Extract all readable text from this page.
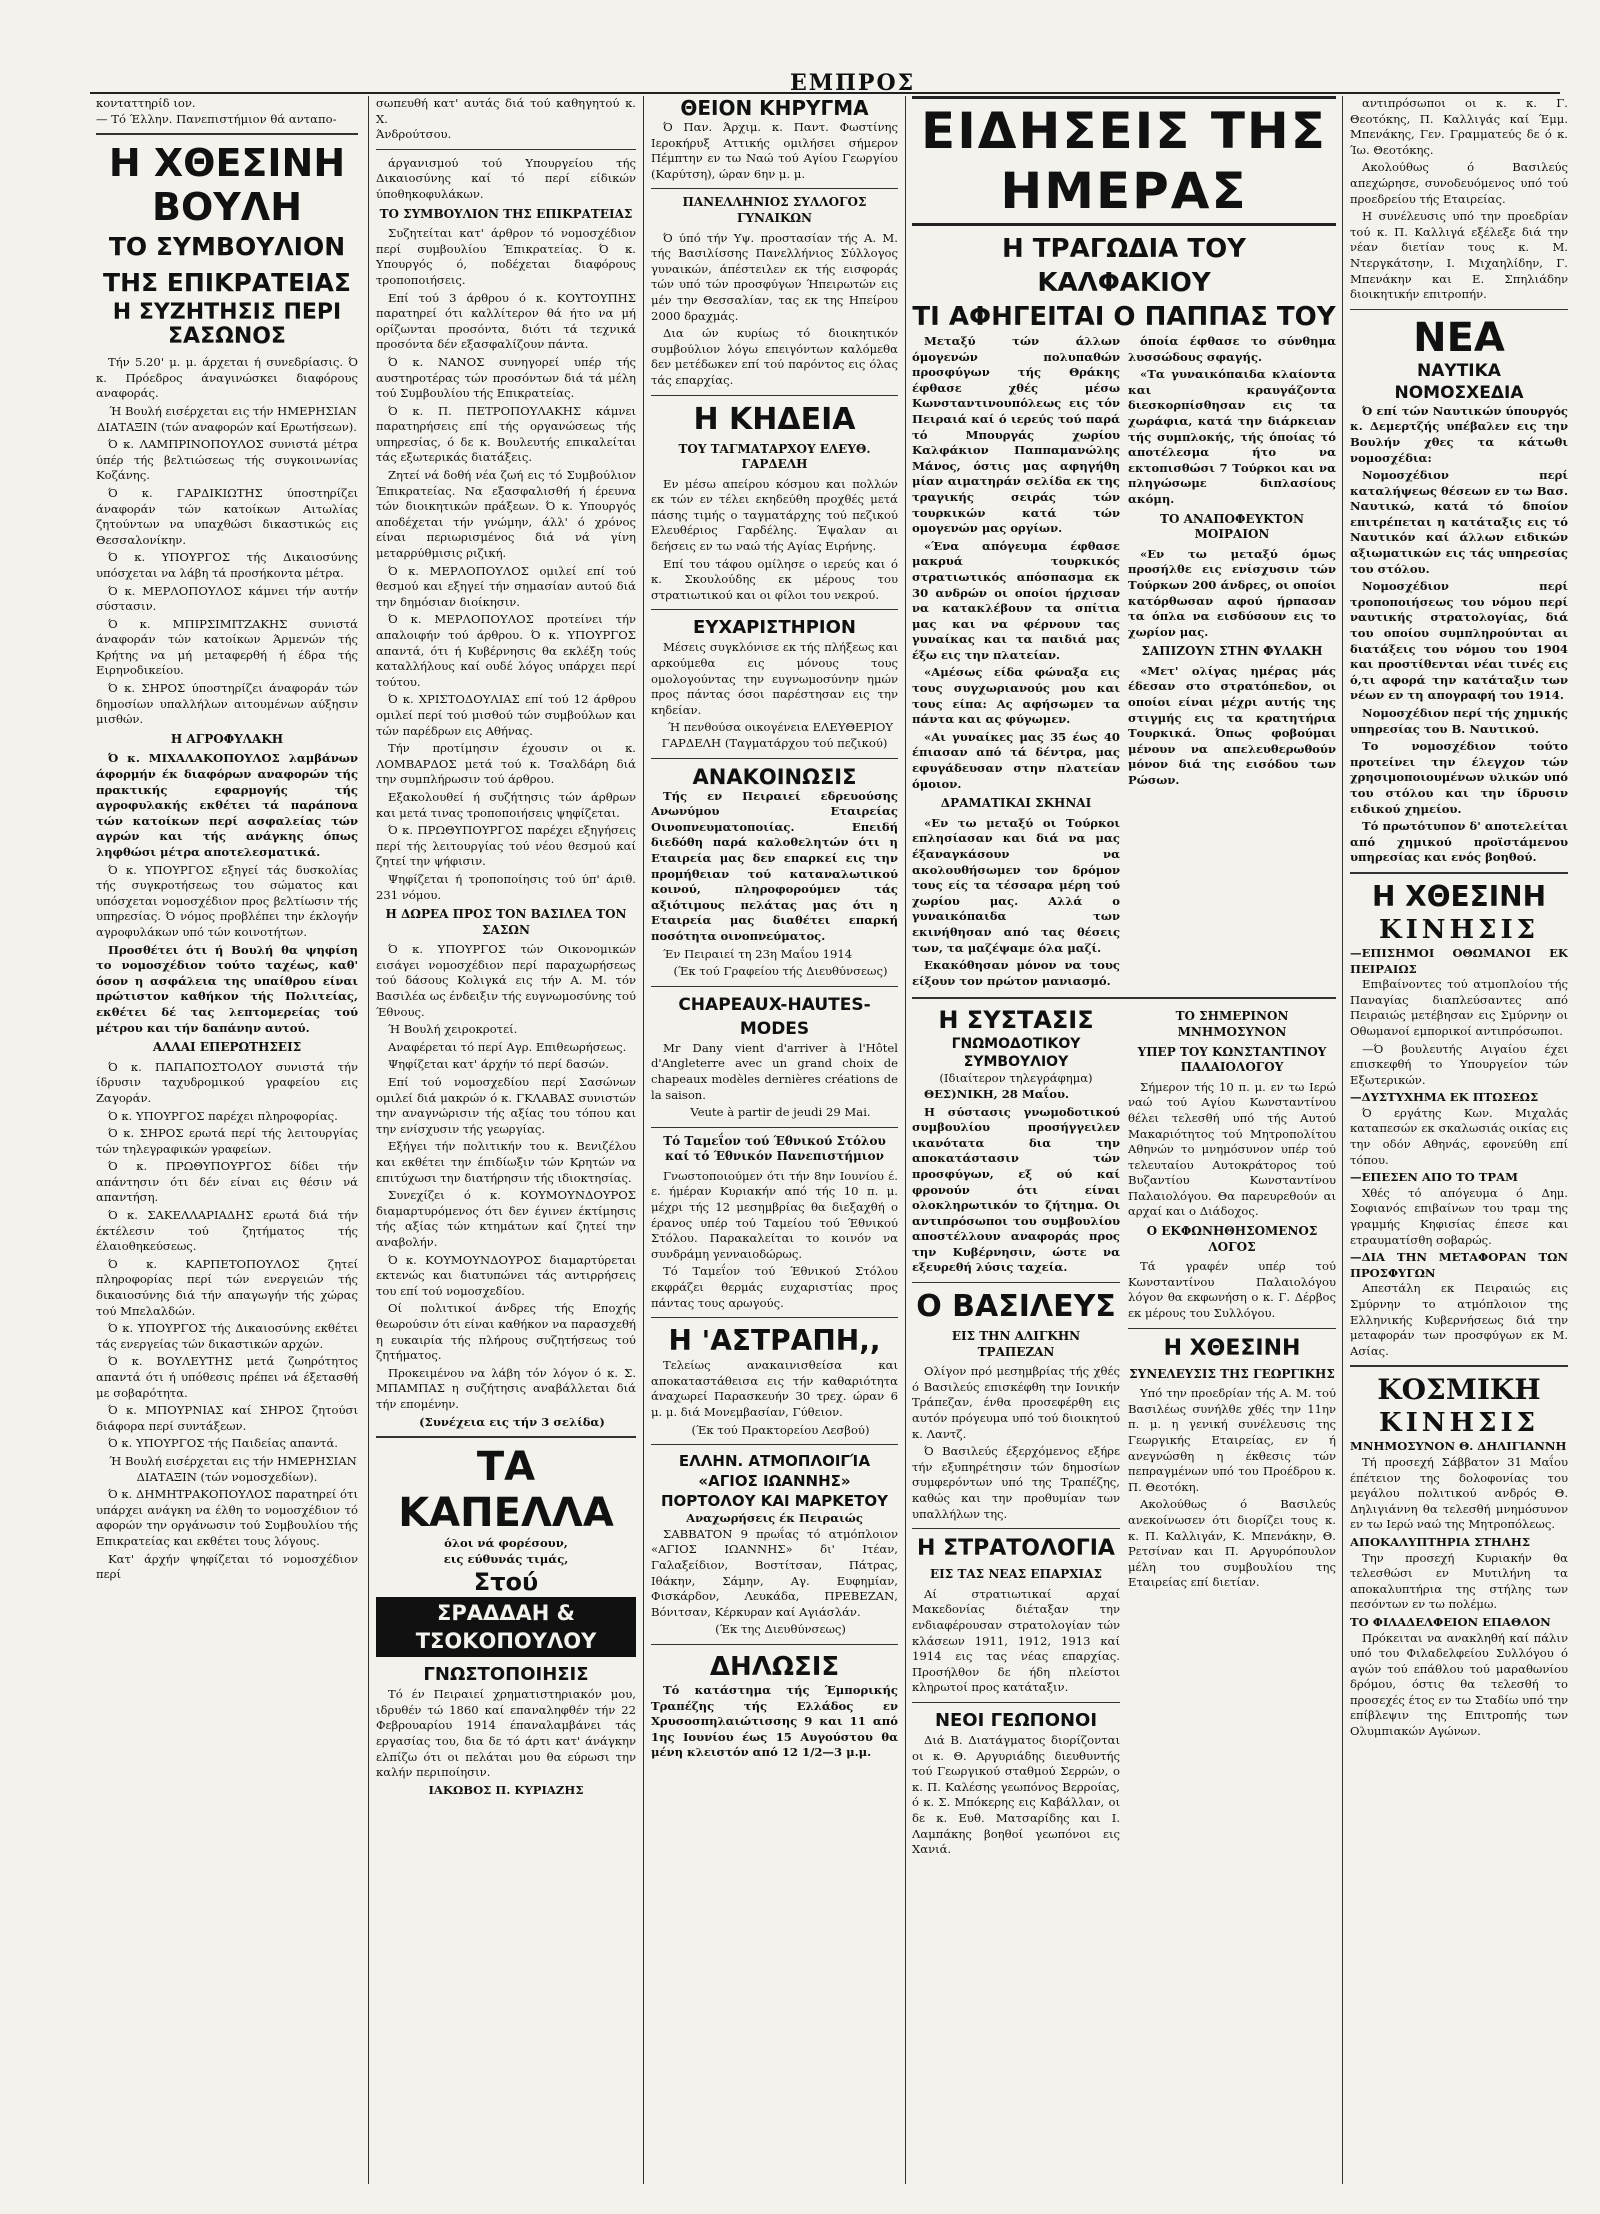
ΕΜΠΡΟΣ
κονταττηρίδ ιον.
— Τό Έλλην. Πανεπιστήμιον θά ανταπο-
Η ΧΘΕΣΙΝΗ ΒΟΥΛΗ
ΤΟ ΣΥΜΒΟΥΛΙΟΝ ΤΗΣ ΕΠΙΚΡΑΤΕΙΑΣ
Η ΣΥΖΗΤΗΣΙΣ ΠΕΡΙ ΣΑΣΩΝΟΣ

Τήν 5.20' μ. μ. άρχεται ή συνεδρίασις. Ό κ. Πρόεδρος άναγινώσκει διαφόρους αναφοράς.

Ή Βουλή εισέρχεται εις τήν ΗΜΕΡΗΣΙΑΝ ΔΙΑΤΑΞΙΝ (τών αναφορών καί Ερωτήσεων).

Ό κ. ΛΑΜΠΡΙΝΟΠΟΥΛΟΣ συνιστά μέτρα ύπέρ τής βελτιώσεως τής συγκοινωνίας Κοζάνης.

Ό κ. ΓΑΡΔΙΚΙΩΤΗΣ ύποστηρίζει άναφοράν τών κατοίκων Αιτωλίας ζητούντων να υπαχθώσι δικαστικώς εις Θεσσαλονίκην.

Ό κ. ΥΠΟΥΡΓΟΣ τής Δικαιοσύνης υπόσχεται να λάβη τά προσήκοντα μέτρα.

Ό κ. ΜΕΡΛΟΠΟΥΛΟΣ κάμνει τήν αυτήν σύστασιν.

Ό κ. ΜΠΙΡΣΙΜΙΤΖΑΚΗΣ συνιστά άναφοράν τών κατοίκων Άρμενών τής Κρήτης να μή μεταφερθή ή έδρα τής Ειρηνοδικείου.

Ό κ. ΣΗΡΟΣ ύποστηρίζει άναφοράν τών δημοσίων υπαλλήλων αιτουμένων αύξησιν μισθών.

Η ΑΓΡΟΦΥΛΑΚΗ

Ό κ. ΜΙΧΑΛΑΚΟΠΟΥΛΟΣ λαμβάνων άφορμήν έκ διαφόρων αναφορών τής πρακτικής εφαρμογής τής αγροφυλακής εκθέτει τά παράπονα τών κατοίκων περί ασφαλείας τών αγρών και τής ανάγκης όπως ληφθώσι μέτρα αποτελεσματικά.

Ό κ. ΥΠΟΥΡΓΟΣ εξηγεί τάς δυσκολίας τής συγκροτήσεως του σώματος και υπόσχεται νομοσχέδιον προς βελτίωσιν τής υπηρεσίας. Ό νόμος προβλέπει την έκλογήν αγροφυλάκων υπό τών κοινοτήτων.

Προσθέτει ότι ή Βουλή θα ψηφίση το νομοσχέδιον τούτο ταχέως, καθ' όσον η ασφάλεια της υπαίθρου είναι πρώτιστον καθήκον τής Πολιτείας, εκθέτει δέ τας λεπτομερείας τού μέτρου και τήν δαπάνην αυτού.

ΑΛΛΑΙ ΕΠΕΡΩΤΗΣΕΙΣ

Ό κ. ΠΑΠΑΠΟΣΤΟΛΟΥ συνιστά τήν ίδρυσιν ταχυδρομικού γραφείου εις Ζαγοράν.

Ό κ. ΥΠΟΥΡΓΟΣ παρέχει πληροφορίας.

Ό κ. ΣΗΡΟΣ ερωτά περί τής λειτουργίας τών τηλεγραφικών γραφείων.

Ό κ. ΠΡΩΘΥΠΟΥΡΓΟΣ δίδει τήν απάντησιν ότι δέν είναι εις θέσιν νά απαντήση.

Ό κ. ΣΑΚΕΛΛΑΡΙΑΔΗΣ ερωτά διά τήν έκτέλεσιν τού ζητήματος τής έλαιοθηκεύσεως.

Ό κ. ΚΑΡΠΕΤΟΠΟΥΛΟΣ ζητεί πληροφορίας περί τών ενεργειών τής δικαιοσύνης διά τήν απαγωγήν τής χώρας τού Μπελαλδών.

Ό κ. ΥΠΟΥΡΓΟΣ τής Δικαιοσύνης εκθέτει τάς ενεργείας τών δικαστικών αρχών.

Ό κ. ΒΟΥΛΕΥΤΗΣ μετά ζωηρότητος απαντά ότι ή υπόθεσις πρέπει νά έξετασθή με σοβαρότητα.

Ό κ. ΜΠΟΥΡΝΙΑΣ καί ΣΗΡΟΣ ζητούσι διάφορα περί συντάξεων.

Ό κ. ΥΠΟΥΡΓΟΣ τής Παιδείας απαντά.

Ή Βουλή εισέρχεται εις τήν ΗΜΕΡΗΣΙΑΝ ΔΙΑΤΑΞΙΝ (τών νομοσχεδίων).

Ό κ. ΔΗΜΗΤΡΑΚΟΠΟΥΛΟΣ παρατηρεί ότι υπάρχει ανάγκη να έλθη το νομοσχέδιον τό αφορών την οργάνωσιν τού Συμβουλίου τής Επικρατείας και εκθέτει τους λόγους.

Κατ' άρχήν ψηφίζεται τό νομοσχέδιον περί

σωπευθή κατ' αυτάς διά τού καθηγητού κ. Χ.
Άνδρούτσου.

άργανισμού τού Υπουργείου τής Δικαιοσύνης καί τό περί είδικών ύποθηκοφυλάκων.

ΤΟ ΣΥΜΒΟΥΛΙΟΝ ΤΗΣ ΕΠΙΚΡΑΤΕΙΑΣ

Συζητείται κατ' άρθρον τό νομοσχέδιον περί συμβουλίου Έπικρατείας. Ό κ. Υπουργός ό, ποδέχεται διαφόρους τροποποιήσεις.

Επί τού 3 άρθρου ό κ. ΚΟΥΤΟΥΠΗΣ παρατηρεί ότι καλλίτερον θά ήτο να μή ορίζωνται προσόντα, διότι τά τεχνικά προσόντα δέν εξασφαλίζουν πάντα.

Ό κ. ΝΑΝΟΣ συνηγορεί υπέρ τής αυστηροτέρας τών προσόντων διά τά μέλη τού Συμβουλίου τής Επικρατείας.

Ό κ. Π. ΠΕΤΡΟΠΟΥΛΑΚΗΣ κάμνει παρατηρήσεις επί τής οργανώσεως τής υπηρεσίας, ό δε κ. Βουλευτής επικαλείται τάς εξωτερικάς διατάξεις.

Ζητεί νά δοθή νέα ζωή εις τό Συμβούλιον Έπικρατείας. Να εξασφαλισθή ή έρευνα τών διοικητικών πράξεων. Ό κ. Υπουργός αποδέχεται τήν γνώμην, άλλ' ό χρόνος είναι περιωρισμένος διά νά γίνη μεταρρύθμισις ριζική.

Ό κ. ΜΕΡΛΟΠΟΥΛΟΣ ομιλεί επί τού θεσμού και εξηγεί τήν σημασίαν αυτού διά την δημόσιαν διοίκησιν.

Ό κ. ΜΕΡΛΟΠΟΥΛΟΣ προτείνει τήν απαλοιφήν τού άρθρου. Ό κ. ΥΠΟΥΡΓΟΣ απαντά, ότι ή Κυβέρνησις θα εκλέξη τούς καταλλήλους καί ουδέ λόγος υπάρχει περί τούτου.

Ό κ. ΧΡΙΣΤΟΔΟΥΛΙΑΣ επί τού 12 άρθρου ομιλεί περί τού μισθού τών συμβούλων και τών παρέδρων εις Αθήνας.

Τήν προτίμησιν έχουσιν οι κ. ΛΟΜΒΑΡΔΟΣ μετά τού κ. Τσαλδάρη διά την συμπλήρωσιν τού άρθρου.

Εξακολουθεί ή συζήτησις τών άρθρων και μετά τινας τροποποιήσεις ψηφίζεται.

Ό κ. ΠΡΩΘΥΠΟΥΡΓΟΣ παρέχει εξηγήσεις περί τής λειτουργίας τού νέου θεσμού καί ζητεί την ψήφισιν.

Ψηφίζεται ή τροποποίησις τού ύπ' άριθ. 231 νόμου.

Η ΔΩΡΕΑ ΠΡΟΣ ΤΟΝ ΒΑΣΙΛΕΑ ΤΟΝ ΣΑΣΩΝ

Ό κ. ΥΠΟΥΡΓΟΣ τών Οικονομικών εισάγει νομοσχέδιον περί παραχωρήσεως τού δάσους Κολιγκά εις τήν Α. Μ. τόν Βασιλέα ως ένδειξιν τής ευγνωμοσύνης τού Έθνους.

Ή Βουλή χειροκροτεί.

Αναφέρεται τό περί Αγρ. Επιθεωρήσεως.

Ψηφίζεται κατ' άρχήν τό περί δασών.

Επί τού νομοσχεδίου περί Σασώνων ομιλεί διά μακρών ό κ. ΓΚΛΑΒΑΣ συνιστών την αναγνώρισιν τής αξίας του τόπου και την ενίσχυσιν τής γεωργίας.

Εξήγει τήν πολιτικήν του κ. Βενιζέλου και εκθέτει την έπιδίωξιν τών Κρητών να επιτύχωσι την διατήρησιν τής ιδιοκτησίας.

Συνεχίζει ό κ. ΚΟΥΜΟΥΝΔΟΥΡΟΣ διαμαρτυρόμενος ότι δεν έγινεν έκτίμησις τής αξίας τών κτημάτων καί ζητεί την αναβολήν.

Ό κ. ΚΟΥΜΟΥΝΔΟΥΡΟΣ διαμαρτύρεται εκτενώς και διατυπώνει τάς αντιρρήσεις του επί τού νομοσχεδίου.

Οί πολιτικοί άνδρες τής Εποχής θεωρούσιν ότι είναι καθήκον να παρασχεθή η ευκαιρία τής πλήρους συζητήσεως τού ζητήματος.

Προκειμένου να λάβη τόν λόγον ό κ. Σ. ΜΠΑΜΠΑΣ η συζήτησις αναβάλλεται διά τήν επομένην.

(Συνέχεια εις τήν 3 σελίδα)

ΤΑ ΚΑΠΕΛΛΑ
όλοι νά φορέσουν,
εις εύθυνάς τιμάς,
Στού
ΣΡΑΔΔΑΗ & ΤΣΟΚΟΠΟΥΛΟΥ
ΓΝΩΣΤΟΠΟΙΗΣΙΣ

Τό έν Πειραιεί χρηματιστηριακόν μου, ιδρυθέν τώ 1860 καί επαναληφθέν τήν 22 Φεβρουαρίου 1914 έπαναλαμβάνει τάς εργασίας του, δια δε τό άρτι κατ' άνάγκην ελπίζω ότι οι πελάται μου θα εύρωσι την καλήν περιποίησιν.

ΙΑΚΩΒΟΣ Π. ΚΥΡΙΑΖΗΣ
ΘΕΙΟΝ ΚΗΡΥΓΜΑ

Ό Παν. Άρχιμ. κ. Παντ. Φωστίνης Ιεροκήρυξ Αττικής ομιλήσει σήμερον Πέμπτην εν τω Ναώ τού Αγίου Γεωργίου (Καρύτση), ώραν 6ην μ. μ.

ΠΑΝΕΛΛΗΝΙΟΣ ΣΥΛΛΟΓΟΣ ΓΥΝΑΙΚΩΝ

Ό ύπό τήν Υψ. προστασίαν τής Α. Μ. τής Βασιλίσσης Πανελλήνιος Σύλλογος γυναικών, άπέστειλεν εκ τής εισφοράς τών υπό τών προσφύγων Ήπειρωτών εις μέν την Θεσσαλίαν, τας εκ της Ηπείρου 2000 δραχμάς.

Δια ών κυρίως τό διοικητικόν συμβούλιον λόγω επειγόντων καλόμεθα δεν μετέδωκεν επί τού παρόντος εις όλας τάς επαρχίας.

Η ΚΗΔΕΙΑ
ΤΟΥ ΤΑΓΜΑΤΑΡΧΟΥ ΕΛΕΥΘ. ΓΑΡΔΕΛΗ

Εν μέσω απείρου κόσμου και πολλών εκ τών εν τέλει εκηδεύθη προχθές μετά πάσης τιμής ο ταγματάρχης τού πεζικού Ελευθέριος Γαρδέλης. Έψαλαν αι δεήσεις εν τω ναώ τής Αγίας Ειρήνης.

Επί του τάφου ομίλησε ο ιερεύς και ό κ. Σκουλούδης εκ μέρους του στρατιωτικού και οι φίλοι του νεκρού.

ΕΥΧΑΡΙΣΤΗΡΙΟΝ

Μέσεις συγκλόνισε εκ τής πλήξεως και αρκούμεθα εις μόνους τους ομολογούντας την ευγνωμοσύνην ημών προς πάντας όσοι παρέστησαν εις την κηδείαν.

Ή πενθούσα οικογένεια ΕΛΕΥΘΕΡΙΟΥ ΓΑΡΔΕΛΗ (Ταγματάρχου τού πεζικού)

ΑΝΑΚΟΙΝΩΣΙΣ

Τής εν Πειραιεί εδρευούσης Ανωνύμου Εταιρείας Οινοπνευματοποιίας. Επειδή διεδόθη παρά καλοθελητών ότι η Εταιρεία μας δεν επαρκεί εις την προμήθειαν τού καταναλωτικού κοινού, πληροφορούμεν τάς αξιότιμους πελάτας μας ότι η Εταιρεία μας διαθέτει επαρκή ποσότητα οινοπνεύματος.

Έν Πειραιεί τη 23η Μαΐου 1914

(Έκ τού Γραφείου τής Διευθύνσεως)

CHAPEAUX-HAUTES-MODES

Mr Dany vient d'arriver à l'Hôtel d'Angleterre avec un grand choix de chapeaux modèles dernières créations de la saison.

Veute à partir de jeudi 29 Mai.

Τό Ταμεΐον τού Έθνικού Στόλου καί τό Έθνικόν Πανεπιστήμιον

Γνωστοποιούμεν ότι τήν 8ην Ιουνίου έ. ε. ήμέραν Κυριακήν από τής 10 π. μ. μέχρι τής 12 μεσημβρίας θα διεξαχθή ο έρανος υπέρ τού Ταμείου τού Έθνικού Στόλου. Παρακαλείται το κοινόν να συνδράμη γενναιοδώρως.

Τό Ταμεΐον τού Έθνικού Στόλου εκφράζει θερμάς ευχαριστίας προς πάντας τους αρωγούς.

Η 'ΑΣΤΡΑΠΗ,,

Τελείως ανακαινισθείσα και αποκαταστάθεισα εις τήν καθαριότητα άναχωρεί Παρασκευήν 30 τρεχ. ώραν 6 μ. μ. διά Μονεμβασίαν, Γύθειον.

(Έκ τού Πρακτορείου Λεσβού)

ΕΛΛΗΝ. ΑΤΜΟΠΛΟΙΓΊΑ «ΑΓΙΟΣ ΙΩΑΝΝΗΣ» ΠΟΡΤΟΛΟΥ ΚΑΙ ΜΑΡΚΕΤΟΥ
Αναχωρήσεις έκ Πειραιώς

ΣΑΒΒΑΤΟΝ 9 πρωΐας τό ατμόπλοιον «ΑΓΙΟΣ ΙΩΑΝΝΗΣ» δι' Ιτέαν, Γαλαξείδιον, Βοστίτσαν, Πάτρας, Ιθάκην, Σάμην, Αγ. Ευφημίαν, Φισκάρδον, Λευκάδα, ΠΡΕΒΕΖΑΝ, Βόνιτσαν, Κέρκυραν καί Αγιάσλάν.

(Έκ της Διευθύνσεως)

ΔΗΛΩΣΙΣ

Τό κατάστημα τής Έμπορικής Τραπέζης τής Ελλάδος εν Χρυσοσπηλαιώτισσης 9 και 11 από 1ης Ιουνίου έως 15 Αυγούστου θα μένη κλειστόν από 12 1/2—3 μ.μ.

ΕΙΔΗΣΕΙΣ ΤΗΣ ΗΜΕΡΑΣ
Η ΤΡΑΓΩΔΙΑ ΤΟΥ ΚΑΛΦΑΚΙΟΥ
ΤΙ ΑΦΗΓΕΙΤΑΙ Ο ΠΑΠΠΑΣ ΤΟΥ

Μεταξύ τών άλλων όμογενών πολυπαθών προσφύγων τής Θράκης έφθασε χθές μέσω Κωνσταντινουπόλεως εις τόν Πειραιά καί ό ιερεύς τού παρά τό Μπουργάς χωρίου Καλφάκιον Παππαμανώλης Μάνος, όστις μας αφηγήθη μίαν αιματηράν σελίδα εκ της τραγικής σειράς τών τουρκικών κατά τών ομογενών μας οργίων.

«Ένα απόγευμα έφθασε μακρυά τουρκικός στρατιωτικός απόσπασμα εκ 30 ανδρών οι οποίοι ήρχισαν να κατακλέβουν τα σπίτια μας και να φέρνουν τας γυναίκας και τα παιδιά μας έξω εις την πλατείαν.

«Αμέσως είδα φώναξα εις τους συγχωριανούς μου και τους είπα: Ας αφήσωμεν τα πάντα και ας φύγωμεν.

«Αι γυναίκες μας 35 έως 40 έπιασαν από τά δέντρα, μας εφυγάδευσαν στην πλατείαν όμοιον.

ΔΡΑΜΑΤΙΚΑΙ ΣΚΗΝΑΙ

«Εν τω μεταξύ οι Τούρκοι επλησίασαν και διά να μας έξαναγκάσουν να ακολουθήσωμεν τον δρόμον τους είς τα τέσσαρα μέρη τού χωρίου μας. Αλλά ο γυναικόπαιδα των εκινήθησαν από τας θέσεις των, τα μαζέψαμε όλα μαζί.

Εκακόθησαν μόνον να τους είξουν τον πρώτον μανιασμό.

όποία έφθασε το σύνθημα λυσσώδους σφαγής.

«Τα γυναικόπαιδα κλαίοντα και κραυγάζοντα διεσκορπίσθησαν εις τα χωράφια, κατά την διάρκειαν τής συμπλοκής, τής όποίας τό αποτέλεσμα ήτο να εκτοπισθώσι 7 Τούρκοι και να πληγώσωμε διπλασίους ακόμη.

ΤΟ ΑΝΑΠΟΦΕΥΚΤΟΝ ΜΟΙΡΑΙΟΝ

«Εν τω μεταξύ όμως προσήλθε εις ενίσχυσιν τών Τούρκων 200 άνδρες, οι οποίοι κατόρθωσαν αφού ήρπασαν τα όπλα να εισδύσουν εις το χωρίον μας.

ΣΑΠΙΖΟΥΝ ΣΤΗΝ ΦΥΛΑΚΗ

«Μετ' ολίγας ημέρας μάς έδεσαν στο στρατόπεδον, οι οποίοι είναι μέχρι αυτής της στιγμής εις τα κρατητήρια Τουρκικά. Όπως φοβούμαι μένουν να απελευθερωθούν μόνον διά της εισόδου των Ρώσων.

Η ΣΥΣΤΑΣΙΣ
ΓΝΩΜΟΔΟΤΙΚΟΥ ΣΥΜΒΟΥΛΙΟΥ
(Ιδιαίτερον τηλεγράφημα)

ΘΕΣ)ΝΙΚΗ, 28 Μαΐου.

Η σύστασις γνωμοδοτικού συμβουλίου προσήγγειλεν ικανότατα δια την αποκατάστασιν τών προσφύγων, εξ ού καί φρονούν ότι είναι ολοκληρωτικόν το ζήτημα. Οι αντιπρόσωποι του συμβουλίου αποστέλλουν αναφοράς προς την Κυβέρνησιν, ώστε να εξευρεθή λύσις ταχεία.

Ο ΒΑΣΙΛΕΥΣ
ΕΙΣ ΤΗΝ ΑΛΙΓΚΗΝ ΤΡΑΠΕΖΑΝ

Ολίγον πρό μεσημβρίας τής χθές ό Βασιλεύς επισκέφθη την Ιονικήν Τράπεζαν, ένθα προσεφέρθη εις αυτόν πρόγευμα υπό τού διοικητού κ. Λαντζ.

Ό Βασιλεύς έξερχόμενος εξήρε τήν εξυπηρέτησιν τών δημοσίων συμφερόντων υπό της Τραπέζης, καθώς και την προθυμίαν των υπαλλήλων της.

Η ΣΤΡΑΤΟΛΟΓΙΑ
ΕΙΣ ΤΑΣ ΝΕΑΣ ΕΠΑΡΧΙΑΣ

Αί στρατιωτικαί αρχαί Μακεδονίας διέταξαν την ενδιαφέρουσαν στρατολογίαν τών κλάσεων 1911, 1912, 1913 καί 1914 εις τας νέας επαρχίας. Προσήλθον δε ήδη πλείστοι κληρωτοί προς κατάταξιν.

ΝΕΟΙ ΓΕΩΠΟΝΟΙ

Διά Β. Διατάγματος διορίζονται οι κ. Θ. Αργυριάδης διευθυντής τού Γεωργικού σταθμού Σερρών, ο κ. Π. Καλέσης γεωπόνος Βερροίας, ό κ. Σ. Μπόκερης εις Καβάλλαν, οι δε κ. Ευθ. Ματσαρίδης και Ι. Λαμπάκης βοηθοί γεωπόνοι εις Χανιά.

ΤΟ ΣΗΜΕΡΙΝΟΝ ΜΝΗΜΟΣΥΝΟΝ
ΥΠΕΡ ΤΟΥ ΚΩΝΣΤΑΝΤΙΝΟΥ ΠΑΛΑΙΟΛΟΓΟΥ

Σήμερον τής 10 π. μ. εν τω Ιερώ ναώ τού Αγίου Κωνσταντίνου θέλει τελεσθή υπό τής Αυτού Μακαριότητος τού Μητροπολίτου Αθηνών το μνημόσυνον υπέρ τού τελευταίου Αυτοκράτορος τού Βυζαντίου Κωνσταντίνου Παλαιολόγου. Θα παρευρεθούν αι αρχαί και ο Διάδοχος.

Ο ΕΚΦΩΝΗΘΗΣΟΜΕΝΟΣ ΛΟΓΟΣ

Τά γραφέν υπέρ τού Κωνσταντίνου Παλαιολόγου λόγον θα εκφωνήση ο κ. Γ. Δέρβος εκ μέρους του Συλλόγου.

Η ΧΘΕΣΙΝΗ
ΣΥΝΕΛΕΥΣΙΣ ΤΗΣ ΓΕΩΡΓΙΚΗΣ

Υπό την προεδρίαν τής Α. Μ. τού Βασιλέως συνήλθε χθές την 11ην π. μ. η γενική συνέλευσις της Γεωργικής Εταιρείας, εν ή ανεγνώσθη η έκθεσις τών πεπραγμένων υπό του Προέδρου κ. Π. Θεοτόκη.

Ακολούθως ό Βασιλεύς ανεκοίνωσεν ότι διορίζει τους κ. κ. Π. Καλλιγάν, Κ. Μπενάκην, Θ. Ρετσίναν και Π. Αργυρόπουλον μέλη του συμβουλίου της Εταιρείας επί διετίαν.

αντιπρόσωποι οι κ. κ. Γ. Θεοτόκης, Π. Καλλιγάς καί Έμμ. Μπενάκης, Γεν. Γραμματεύς δε ό κ. Ίω. Θεοτόκης.

Ακολούθως ό Βασιλεύς απεχώρησε, συνοδευόμενος υπό τού προεδρείου τής Εταιρείας.

Η συνέλευσις υπό την προεδρίαν τού κ. Π. Καλλιγά εξέλεξε διά την νέαν διετίαν τους κ. Μ. Ντεργκάτσην, Ι. Μιχαηλίδην, Γ. Μπενάκην και Ε. Σπηλιάδην διοικητικήν επιτροπήν.

ΝΕΑ
ΝΑΥΤΙΚΑ ΝΟΜΟΣΧΕΔΙΑ

Ό επί τών Ναυτικών ύπουργός κ. Δεμερτζής υπέβαλεν εις την Βουλήν χθες τα κάτωθι νομοσχέδια:

Νομοσχέδιον περί καταλήψεως θέσεων εν τω Βασ. Ναυτικώ, κατά τό δποίον επιτρέπεται η κατάταξις εις τό Ναυτικόν καί άλλων ειδικών αξιωματικών εις τάς υπηρεσίας του στόλου.

Νομοσχέδιον περί τροποποιήσεως του νόμου περί ναυτικής στρατολογίας, διά του οποίου συμπληρούνται αι διατάξεις του νόμου του 1904 και προστίθενται νέαι τινές εις ό,τι αφορά την κατάταξιν των νέων εν τη απογραφή του 1914.

Νομοσχέδιον περί τής χημικής υπηρεσίας του Β. Ναυτικού.

Το νομοσχέδιον τούτο προτείνει την έλεγχον τών χρησιμοποιουμένων υλικών υπό του στόλου και την ίδρυσιν ειδικού χημείου.

Τό πρωτότυπον δ' αποτελείται από χημικού προϊστάμενου υπηρεσίας και ενός βοηθού.

Η ΧΘΕΣΙΝΗ
ΚΙΝΗΣΙΣ
—ΕΠΙΣΗΜΟΙ ΟΘΩΜΑΝΟΙ ΕΚ ΠΕΙΡΑΙΩΣ

Επιβαίνοντες τού ατμοπλοίου τής Παναγίας διαπλεύσαντες από Πειραιώς μετέβησαν εις Σμύρνην οι Οθωμανοί εμπορικοί αντιπρόσωποι.

—Ό βουλευτής Αιγαίου έχει επισκεφθή το Υπουργείον τών Εξωτερικών.

—ΔΥΣΤΥΧΗΜΑ ΕΚ ΠΤΩΣΕΩΣ

Ό εργάτης Κων. Μιχαλάς καταπεσών εκ σκαλωσιάς οικίας εις την οδόν Αθηνάς, εφονεύθη επί τόπου.

—ΕΠΕΣΕΝ ΑΠΟ ΤΟ ΤΡΑΜ

Χθές τό απόγευμα ό Δημ. Σοφιανός επιβαίνων του τραμ της γραμμής Κηφισίας έπεσε και ετραυματίσθη σοβαρώς.

—ΔΙΑ ΤΗΝ ΜΕΤΑΦΟΡΑΝ ΤΩΝ ΠΡΟΣΦΥΓΩΝ

Απεστάλη εκ Πειραιώς εις Σμύρνην το ατμόπλοιον της Ελληνικής Κυβερνήσεως διά την μεταφοράν των προσφύγων εκ Μ. Ασίας.

ΚΟΣΜΙΚΗ
ΚΙΝΗΣΙΣ
ΜΝΗΜΟΣΥΝΟΝ Θ. ΔΗΛΙΓΙΑΝΝΗ

Τή προσεχή Σάββατον 31 Μαΐου έπέτειον της δολοφονίας του μεγάλου πολιτικού ανδρός Θ. Δηλιγιάννη θα τελεσθή μνημόσυνον εν τω Ιερώ ναώ της Μητροπόλεως.

ΑΠΟΚΑΛΥΠΤΗΡΙΑ ΣΤΗΛΗΣ

Την προσεχή Κυριακήν θα τελεσθώσι εν Μυτιλήνη τα αποκαλυπτήρια της στήλης των πεσόντων εν τω πολέμω.

ΤΟ ΦΙΛΑΔΕΛΦΕΙΟΝ ΕΠΑΘΛΟΝ

Πρόκειται να ανακληθή καί πάλιν υπό του Φιλαδελφείου Συλλόγου ό αγών τού επάθλου τού μαραθωνίου δρόμου, όστις θα τελεσθή το προσεχές έτος εν τω Σταδίω υπό την επίβλεψιν της Επιτροπής των Ολυμπιακών Αγώνων.
